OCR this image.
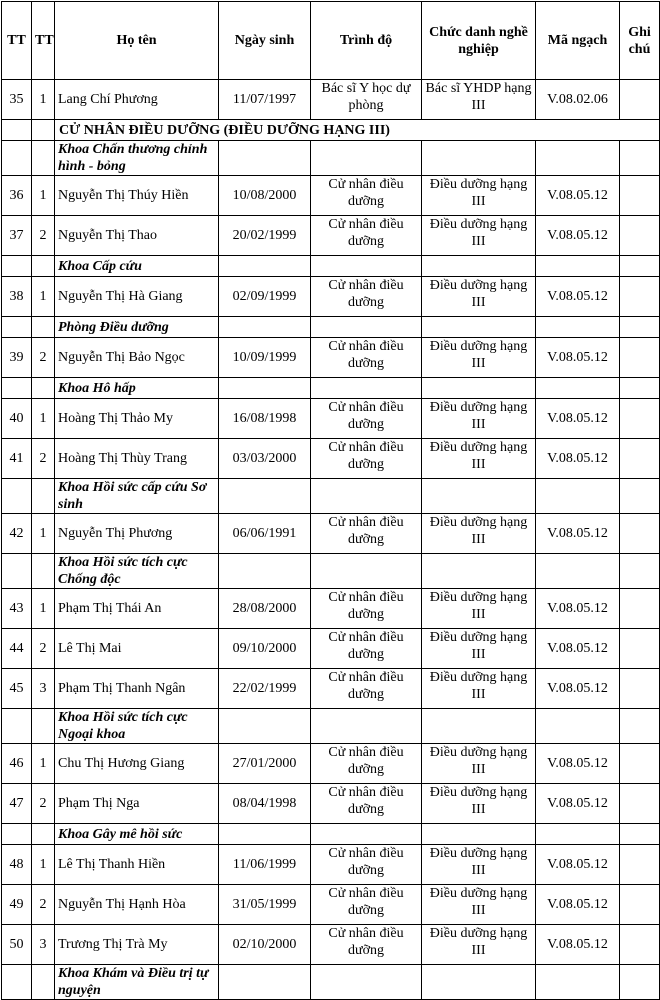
TT	TT	Họ tên	Ngày sinh	Trình độ	Chức danh nghề nghiệp	Mã ngạch	Ghi chú
35	1	Lang Chí Phương	11/07/1997	Bác sĩ Y học dự phòng	Bác sĩ YHDP hạng III	V.08.02.06	
		CỬ NHÂN ĐIỀU DƯỠNG (ĐIỀU DƯỠNG HẠNG III)					
		Khoa Chấn thương chỉnh hình - bỏng					
36	1	Nguyễn Thị Thúy Hiền	10/08/2000	Cử nhân điều dưỡng	Điều dưỡng hạng III	V.08.05.12	
37	2	Nguyễn Thị Thao	20/02/1999	Cử nhân điều dưỡng	Điều dưỡng hạng III	V.08.05.12	
		Khoa Cấp cứu					
38	1	Nguyễn Thị Hà Giang	02/09/1999	Cử nhân điều dưỡng	Điều dưỡng hạng III	V.08.05.12	
		Phòng Điều dưỡng					
39	2	Nguyễn Thị Bảo Ngọc	10/09/1999	Cử nhân điều dưỡng	Điều dưỡng hạng III	V.08.05.12	
		Khoa Hô hấp					
40	1	Hoàng Thị Thảo My	16/08/1998	Cử nhân điều dưỡng	Điều dưỡng hạng III	V.08.05.12	
41	2	Hoàng Thị Thùy Trang	03/03/2000	Cử nhân điều dưỡng	Điều dưỡng hạng III	V.08.05.12	
		Khoa Hồi sức cấp cứu Sơ sinh					
42	1	Nguyễn Thị Phương	06/06/1991	Cử nhân điều dưỡng	Điều dưỡng hạng III	V.08.05.12	
		Khoa Hồi sức tích cực Chống độc					
43	1	Phạm Thị Thái An	28/08/2000	Cử nhân điều dưỡng	Điều dưỡng hạng III	V.08.05.12	
44	2	Lê Thị Mai	09/10/2000	Cử nhân điều dưỡng	Điều dưỡng hạng III	V.08.05.12	
45	3	Phạm Thị Thanh Ngân	22/02/1999	Cử nhân điều dưỡng	Điều dưỡng hạng III	V.08.05.12	
		Khoa Hồi sức tích cực Ngoại khoa					
46	1	Chu Thị Hương Giang	27/01/2000	Cử nhân điều dưỡng	Điều dưỡng hạng III	V.08.05.12	
47	2	Phạm Thị Nga	08/04/1998	Cử nhân điều dưỡng	Điều dưỡng hạng III	V.08.05.12	
		Khoa Gây mê hồi sức					
48	1	Lê Thị Thanh Hiền	11/06/1999	Cử nhân điều dưỡng	Điều dưỡng hạng III	V.08.05.12	
49	2	Nguyễn Thị Hạnh Hòa	31/05/1999	Cử nhân điều dưỡng	Điều dưỡng hạng III	V.08.05.12	
50	3	Trương Thị Trà My	02/10/2000	Cử nhân điều dưỡng	Điều dưỡng hạng III	V.08.05.12	
		Khoa Khám và Điều trị tự nguyện					
